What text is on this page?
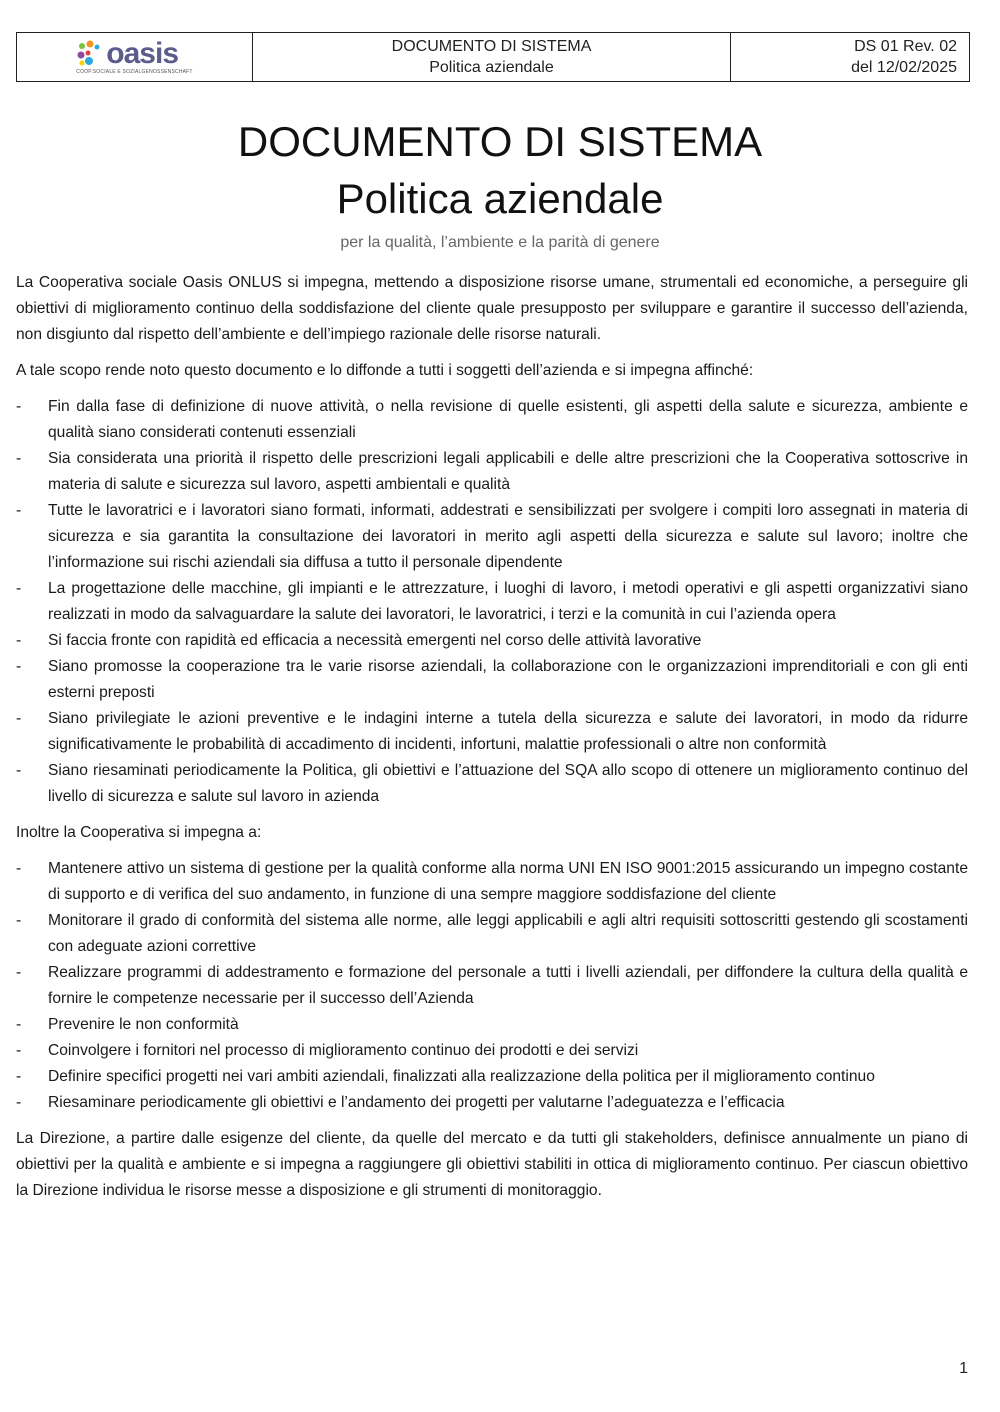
oasis
COOP.SOCIALE E SOZIALGENOSSENSCHAFT
DOCUMENTO DI SISTEMA
Politica aziendale
DS 01 Rev. 02
del 12/02/2025
DOCUMENTO DI SISTEMA
Politica aziendale
per la qualità, l’ambiente e la parità di genere

La Cooperativa sociale Oasis ONLUS si impegna, mettendo a disposizione risorse umane, strumentali ed economiche, a perseguire gli obiettivi di miglioramento continuo della soddisfazione del cliente quale presupposto per sviluppare e garantire il successo dell’azienda, non disgiunto dal rispetto dell’ambiente e dell’impiego razionale delle risorse naturali.

A tale scopo rende noto questo documento e lo diffonde a tutti i soggetti dell’azienda e si impegna affinché:

- Fin dalla fase di definizione di nuove attività, o nella revisione di quelle esistenti, gli aspetti della salute e sicurezza, ambiente e qualità siano considerati contenuti essenziali
- Sia considerata una priorità il rispetto delle prescrizioni legali applicabili e delle altre prescrizioni che la Cooperativa sottoscrive in materia di salute e sicurezza sul lavoro, aspetti ambientali e qualità
- Tutte le lavoratrici e i lavoratori siano formati, informati, addestrati e sensibilizzati per svolgere i compiti loro assegnati in materia di sicurezza e sia garantita la consultazione dei lavoratori in merito agli aspetti della sicurezza e salute sul lavoro; inoltre che l’informazione sui rischi aziendali sia diffusa a tutto il personale dipendente
- La progettazione delle macchine, gli impianti e le attrezzature, i luoghi di lavoro, i metodi operativi e gli aspetti organizzativi siano realizzati in modo da salvaguardare la salute dei lavoratori, le lavoratrici, i terzi e la comunità in cui l’azienda opera
- Si faccia fronte con rapidità ed efficacia a necessità emergenti nel corso delle attività lavorative
- Siano promosse la cooperazione tra le varie risorse aziendali, la collaborazione con le organizzazioni imprenditoriali e con gli enti esterni preposti
- Siano privilegiate le azioni preventive e le indagini interne a tutela della sicurezza e salute dei lavoratori, in modo da ridurre significativamente le probabilità di accadimento di incidenti, infortuni, malattie professionali o altre non conformità
- Siano riesaminati periodicamente la Politica, gli obiettivi e l’attuazione del SQA allo scopo di ottenere un miglioramento continuo del livello di sicurezza e salute sul lavoro in azienda

Inoltre la Cooperativa si impegna a:

- Mantenere attivo un sistema di gestione per la qualità conforme alla norma UNI EN ISO 9001:2015 assicurando un impegno costante di supporto e di verifica del suo andamento, in funzione di una sempre maggiore soddisfazione del cliente
- Monitorare il grado di conformità del sistema alle norme, alle leggi applicabili e agli altri requisiti sottoscritti gestendo gli scostamenti con adeguate azioni correttive
- Realizzare programmi di addestramento e formazione del personale a tutti i livelli aziendali, per diffondere la cultura della qualità e fornire le competenze necessarie per il successo dell’Azienda
- Prevenire le non conformità
- Coinvolgere i fornitori nel processo di miglioramento continuo dei prodotti e dei servizi
- Definire specifici progetti nei vari ambiti aziendali, finalizzati alla realizzazione della politica per il miglioramento continuo
- Riesaminare periodicamente gli obiettivi e l’andamento dei progetti per valutarne l’adeguatezza e l’efficacia

La Direzione, a partire dalle esigenze del cliente, da quelle del mercato e da tutti gli stakeholders, definisce annualmente un piano di obiettivi per la qualità e ambiente e si impegna a raggiungere gli obiettivi stabiliti in ottica di miglioramento continuo. Per ciascun obiettivo la Direzione individua le risorse messe a disposizione e gli strumenti di monitoraggio.

1
